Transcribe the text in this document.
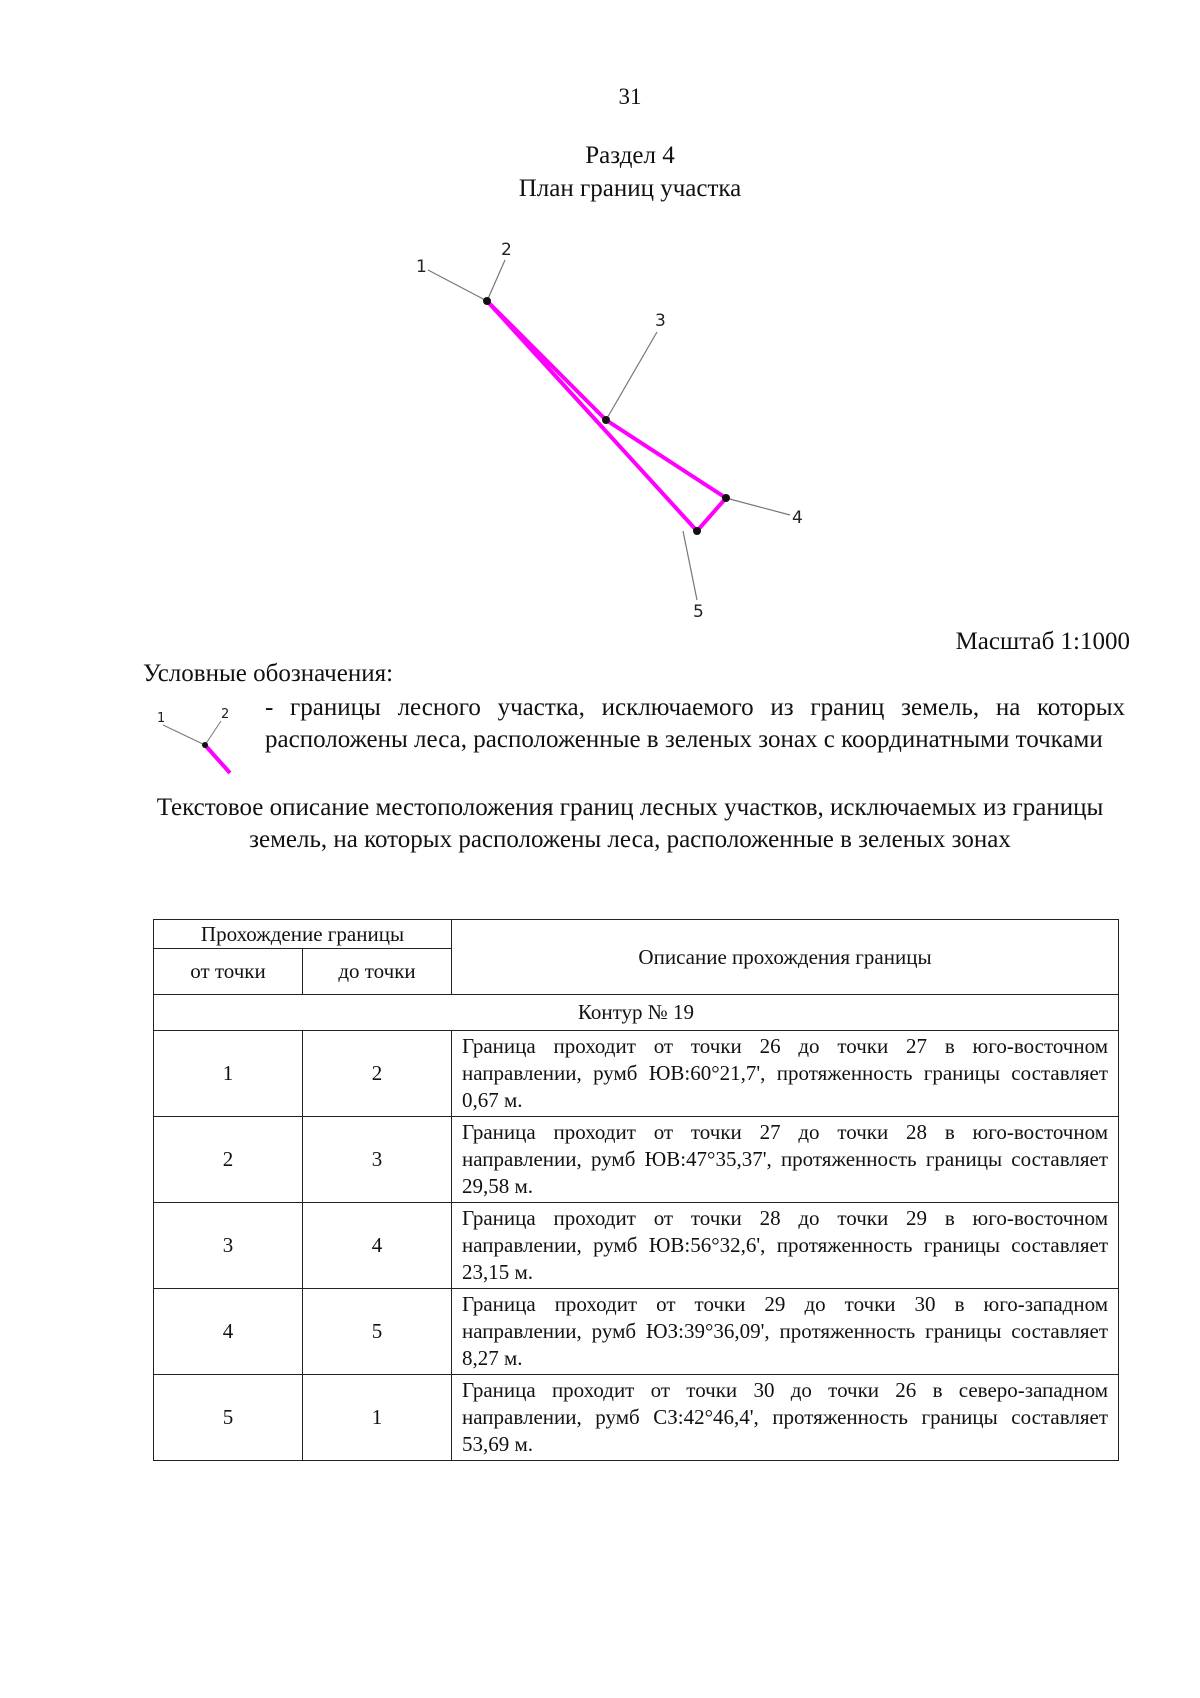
31
Раздел 4
План границ участка
1
2
3
4
5
Масштаб 1:1000
Условные обозначения:
1	2 - границы лесного участка, исключаемого из границ земель, на которых расположены леса, расположенные в зеленых зонах с координатными точками
Текстовое описание местоположения границ лесных участков, исключаемых из границы земель, на которых расположены леса, расположенные в зеленых зонах
Прохождение границы		Описание прохождения границы
от точки	до точки	
Контур № 19		
1	2	Граница проходит от точки 26 до точки 27 в юго-восточном направлении, румб ЮВ:60°21,7', протяженность границы составляет 0,67 м.
2	3	Граница проходит от точки 27 до точки 28 в юго-восточном направлении, румб ЮВ:47°35,37', протяженность границы составляет 29,58 м.
3	4	Граница проходит от точки 28 до точки 29 в юго-восточном направлении, румб ЮВ:56°32,6', протяженность границы составляет 23,15 м.
4	5	Граница проходит от точки 29 до точки 30 в юго-западном направлении, румб ЮЗ:39°36,09', протяженность границы составляет 8,27 м.
5	1	Граница проходит от точки 30 до точки 26 в северо-западном направлении, румб СЗ:42°46,4', протяженность границы составляет 53,69 м.
